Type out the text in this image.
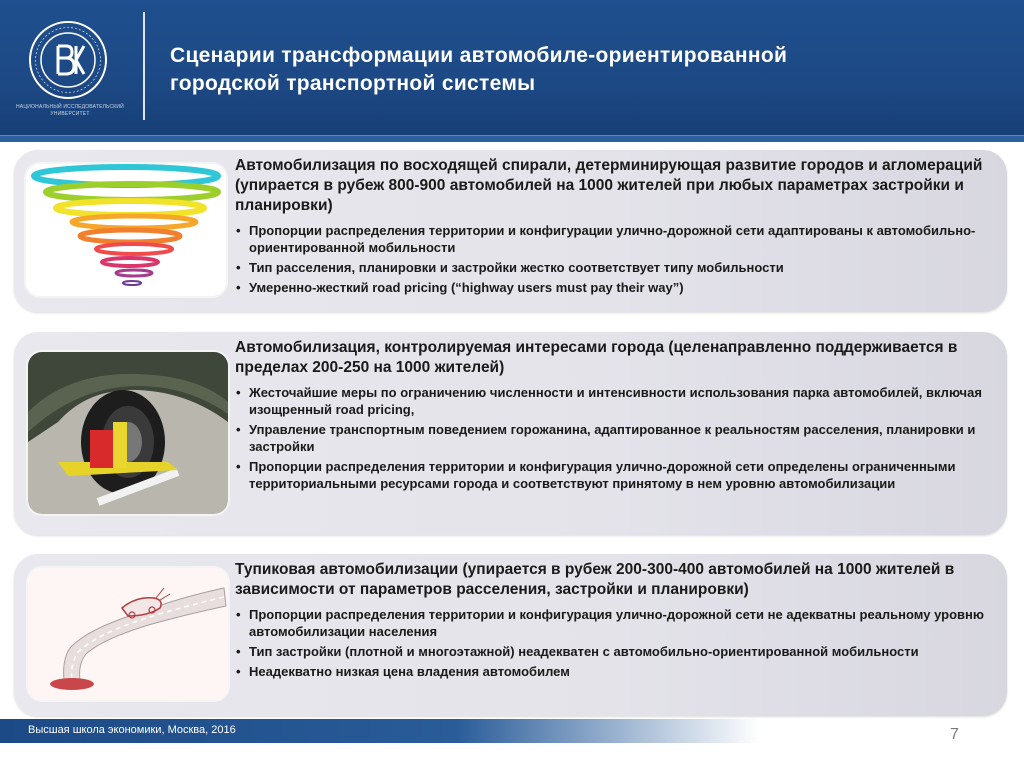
НАЦИОНАЛЬНЫЙ ИССЛЕДОВАТЕЛЬСКИЙ УНИВЕРСИТЕТ
Сценарии трансформации автомобиле-ориентированной
городской транспортной системы
Автомобилизация по восходящей спирали, детерминирующая развитие городов и агломераций (упирается в рубеж 800-900 автомобилей на 1000 жителей при любых параметрах застройки и планировки)
• Пропорции распределения территории и конфигурации улично-дорожной сети адаптированы к автомобильно-ориентированной мобильности
• Тип расселения, планировки и застройки жестко соответствует типу мобильности
• Умеренно-жесткий road pricing (“highway users must pay their way”)
Автомобилизация, контролируемая интересами города (целенаправленно поддерживается в пределах 200-250 на 1000 жителей)
• Жесточайшие меры по ограничению численности и интенсивности использования парка автомобилей, включая изощренный road pricing,
• Управление транспортным поведением горожанина, адаптированное к реальностям расселения, планировки и застройки
• Пропорции распределения территории и конфигурация улично-дорожной сети определены ограниченными территориальными ресурсами города и соответствуют принятому в нем уровню автомобилизации
Тупиковая автомобилизации (упирается в рубеж 200-300-400 автомобилей на 1000 жителей в зависимости от параметров расселения, застройки и планировки)
• Пропорции распределения территории и конфигурация улично-дорожной сети не адекватны реальному уровню автомобилизации населения
• Тип застройки (плотной и многоэтажной) неадекватен с автомобильно-ориентированной мобильности
• Неадекватно низкая цена владения автомобилем
Высшая школа экономики, Москва, 2016	7
